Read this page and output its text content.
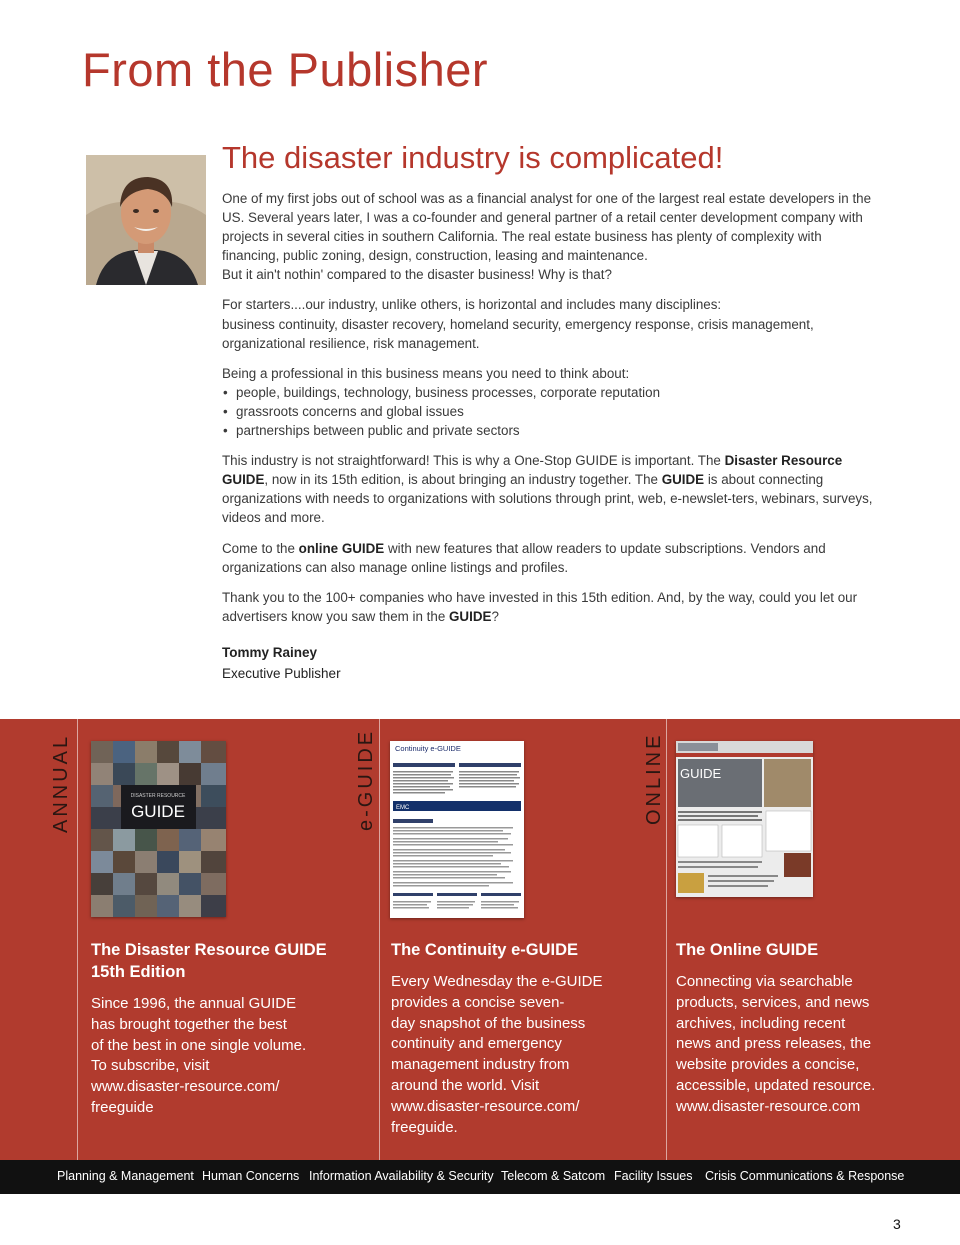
From the Publisher
The disaster industry is complicated!

One of my first jobs out of school was as a financial analyst for one of the largest real estate developers in the US. Several years later, I was a co-founder and general partner of a retail center development company with projects in several cities in southern California. The real estate business has plenty of complexity with financing, public zoning, design, construction, leasing and maintenance.
But it ain't nothin' compared to the disaster business! Why is that?

For starters....our industry, unlike others, is horizontal and includes many disciplines:
business continuity, disaster recovery, homeland security, emergency response, crisis management, organizational resilience, risk management.

Being a professional in this business means you need to think about:

• people, buildings, technology, business processes, corporate reputation
• grassroots concerns and global issues
• partnerships between public and private sectors

This industry is not straightforward! This is why a One-Stop GUIDE is important. The Disaster Resource GUIDE, now in its 15th edition, is about bringing an industry together. The GUIDE is about connecting organizations with needs to organizations with solutions through print, web, e-newslet-ters, webinars, surveys, videos and more.

Come to the online GUIDE with new features that allow readers to update subscriptions. Vendors and organizations can also manage online listings and profiles.

Thank you to the 100+ companies who have invested in this 15th edition. And, by the way, could you let our advertisers know you saw them in the GUIDE?

Tommy Rainey
Executive Publisher
ANNUAL	DISASTER RESOURCE
GUIDE
The Disaster Resource GUIDE
15th Edition
Since 1996, the annual GUIDE
has brought together the best
of the best in one single volume.
To subscribe, visit
www.disaster-resource.com/
freeguide
e-GUIDE Continuity e-GUIDE
EMC
The Continuity e-GUIDE
Every Wednesday the e-GUIDE
provides a concise seven-
day snapshot of the business
continuity and emergency
management industry from
around the world. Visit
www.disaster-resource.com/
freeguide.
ONLINE GUIDE
The Online GUIDE
Connecting via searchable
products, services, and news
archives, including recent
news and press releases, the
website provides a concise,
accessible, updated resource.
www.disaster-resource.com
Planning & Management Human Concerns Information Availability & Security Telecom & Satcom Facility Issues Crisis Communications & Response
3
